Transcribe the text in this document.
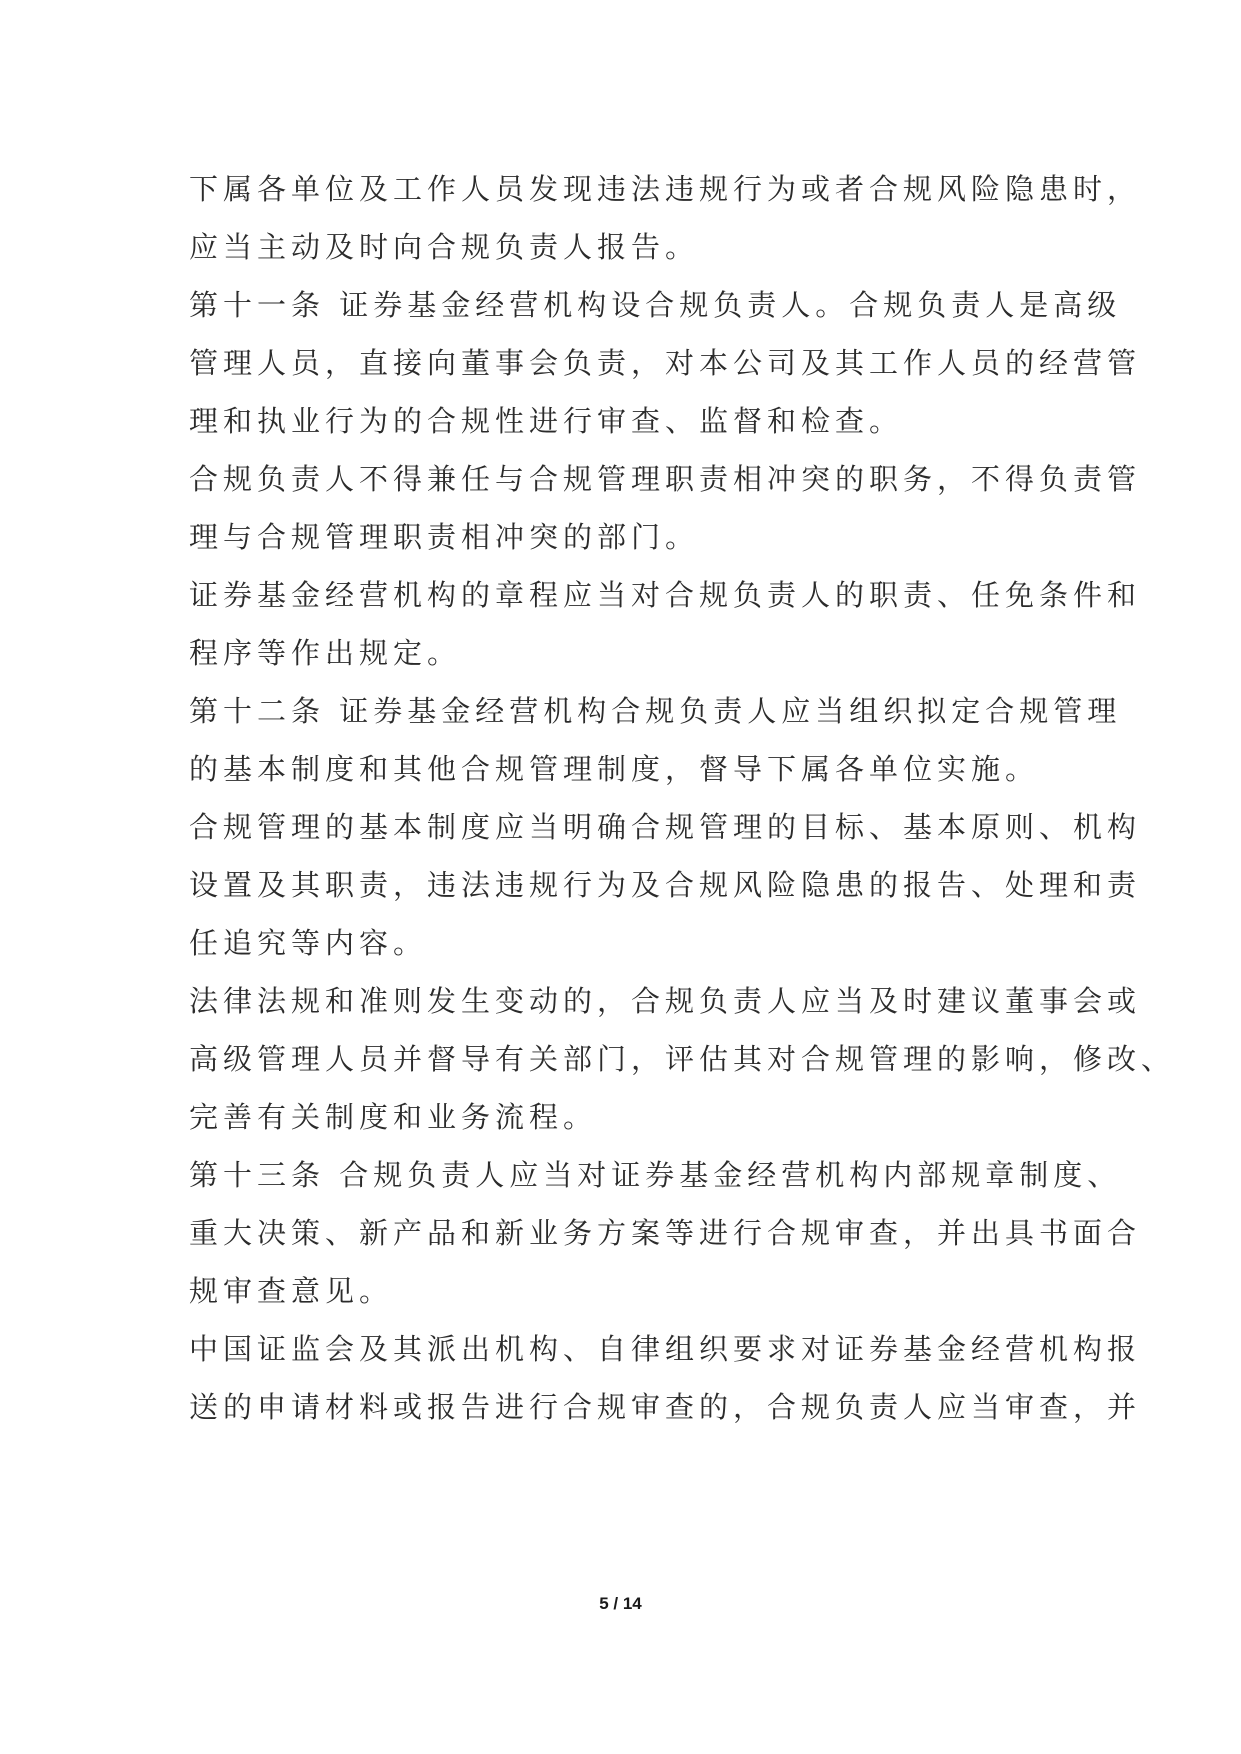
下属各单位及工作人员发现违法违规行为或者合规风险隐患时，
应当主动及时向合规负责人报告。
第十一条 证券基金经营机构设合规负责人。合规负责人是高级
管理人员，直接向董事会负责，对本公司及其工作人员的经营管
理和执业行为的合规性进行审查、监督和检查。
合规负责人不得兼任与合规管理职责相冲突的职务，不得负责管
理与合规管理职责相冲突的部门。
证券基金经营机构的章程应当对合规负责人的职责、任免条件和
程序等作出规定。
第十二条 证券基金经营机构合规负责人应当组织拟定合规管理
的基本制度和其他合规管理制度，督导下属各单位实施。
合规管理的基本制度应当明确合规管理的目标、基本原则、机构
设置及其职责，违法违规行为及合规风险隐患的报告、处理和责
任追究等内容。
法律法规和准则发生变动的，合规负责人应当及时建议董事会或
高级管理人员并督导有关部门，评估其对合规管理的影响，修改、
完善有关制度和业务流程。
第十三条 合规负责人应当对证券基金经营机构内部规章制度、
重大决策、新产品和新业务方案等进行合规审查，并出具书面合
规审查意见。
中国证监会及其派出机构、自律组织要求对证券基金经营机构报
送的申请材料或报告进行合规审查的，合规负责人应当审查，并
5 / 14
